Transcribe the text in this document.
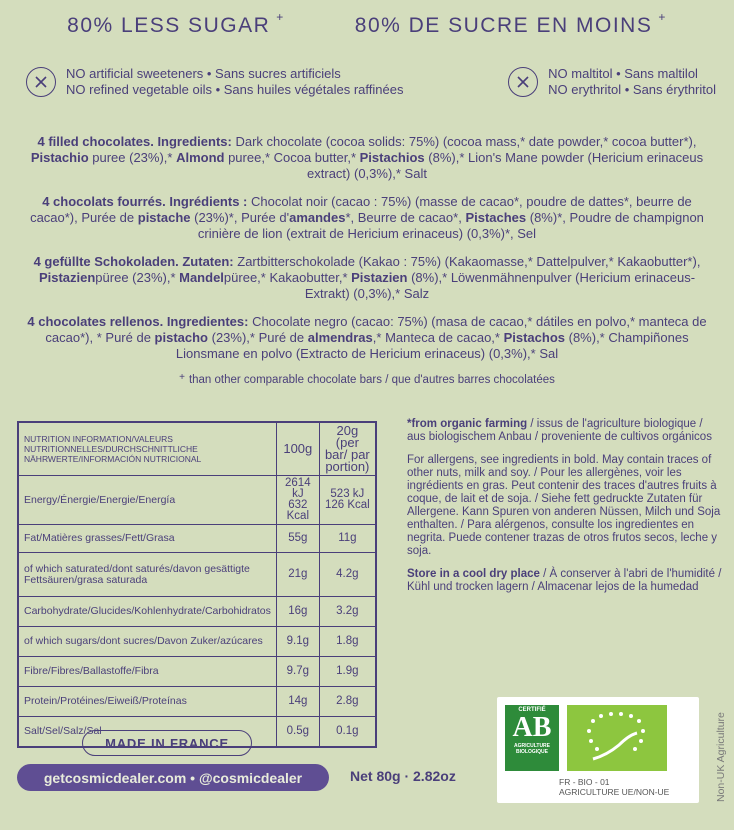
80% LESS SUGAR +	80% DE SUCRE EN MOINS +
NO artificial sweeteners • Sans sucres artificiels
NO refined vegetable oils • Sans huiles végétales raffinées
NO maltitol • Sans maltilol
NO erythritol • Sans érythritol
4 filled chocolates. Ingredients: Dark chocolate (cocoa solids: 75%) (cocoa mass,* date powder,* cocoa butter*), Pistachio puree (23%),* Almond puree,* Cocoa butter,* Pistachios (8%),* Lion's Mane powder (Hericium erinaceus extract) (0,3%),* Salt
4 chocolats fourrés. Ingrédients : Chocolat noir (cacao : 75%) (masse de cacao*, poudre de dattes*, beurre de cacao*), Purée de pistache (23%)*, Purée d'amandes*, Beurre de cacao*, Pistaches (8%)*, Poudre de champignon crinière de lion (extrait de Hericium erinaceus) (0,3%)*, Sel
4 gefüllte Schokoladen. Zutaten: Zartbitterschokolade (Kakao : 75%) (Kakaomasse,* Dattelpulver,* Kakaobutter*), Pistazienpüree (23%),* Mandelpüree,* Kakaobutter,* Pistazien (8%),* Löwenmähnenpulver (Hericium erinaceus-Extrakt) (0,3%),* Salz
4 chocolates rellenos. Ingredientes: Chocolate negro (cacao: 75%) (masa de cacao,* dátiles en polvo,* manteca de cacao*), * Puré de pistacho (23%),* Puré de almendras,* Manteca de cacao,* Pistachos (8%),* Champiñones Lionsmane en polvo (Extracto de Hericium erinaceus) (0,3%),* Sal
+ than other comparable chocolate bars / que d'autres barres chocolatées
NUTRITION INFORMATION/VALEURS NUTRITIONNELLES/DURCHSCHNITTLICHE NÄHRWERTE/INFORMACIÓN NUTRICIONAL	100g	20g (per bar/ par portion)
Energy/Énergie/Energie/Energía	2614 kJ 632 Kcal	523 kJ 126 Kcal
Fat/Matières grasses/Fett/Grasa	55g	11g
of which saturated/dont saturés/davon gesättigte Fettsäuren/grasa saturada	21g	4.2g
Carbohydrate/Glucides/Kohlenhydrate/Carbohidratos	16g	3.2g
of which sugars/dont sucres/Davon Zuker/azúcares	9.1g	1.8g
Fibre/Fibres/Ballastoffe/Fibra	9.7g	1.9g
Protein/Protéines/Eiweiß/Proteínas	14g	2.8g
Salt/Sel/Salz/Sal	0.5g	0.1g

*from organic farming / issus de l'agriculture biologique / aus biologischem Anbau / proveniente de cultivos orgánicos

For allergens, see ingredients in bold. May contain traces of other nuts, milk and soy. / Pour les allergènes, voir les ingrédients en gras. Peut contenir des traces d'autres fruits à coque, de lait et de soja. / Siehe fett gedruckte Zutaten für Allergene. Kann Spuren von anderen Nüssen, Milch und Soja enthalten. / Para alérgenos, consulte los ingredientes en negrita. Puede contener trazas de otros frutos secos, leche y soja.

Store in a cool dry place / À conserver à l'abri de l'humidité / Kühl und trocken lagern / Almacenar lejos de la humedad

MADE IN FRANCE
getcosmicdealer.com • @cosmicdealer	Net 80g · 2.82oz
CERTIFIÉ
AB
AGRICULTURE BIOLOGIQUE
FR - BIO - 01
AGRICULTURE UE/NON-UE	Non-UK Agriculture
